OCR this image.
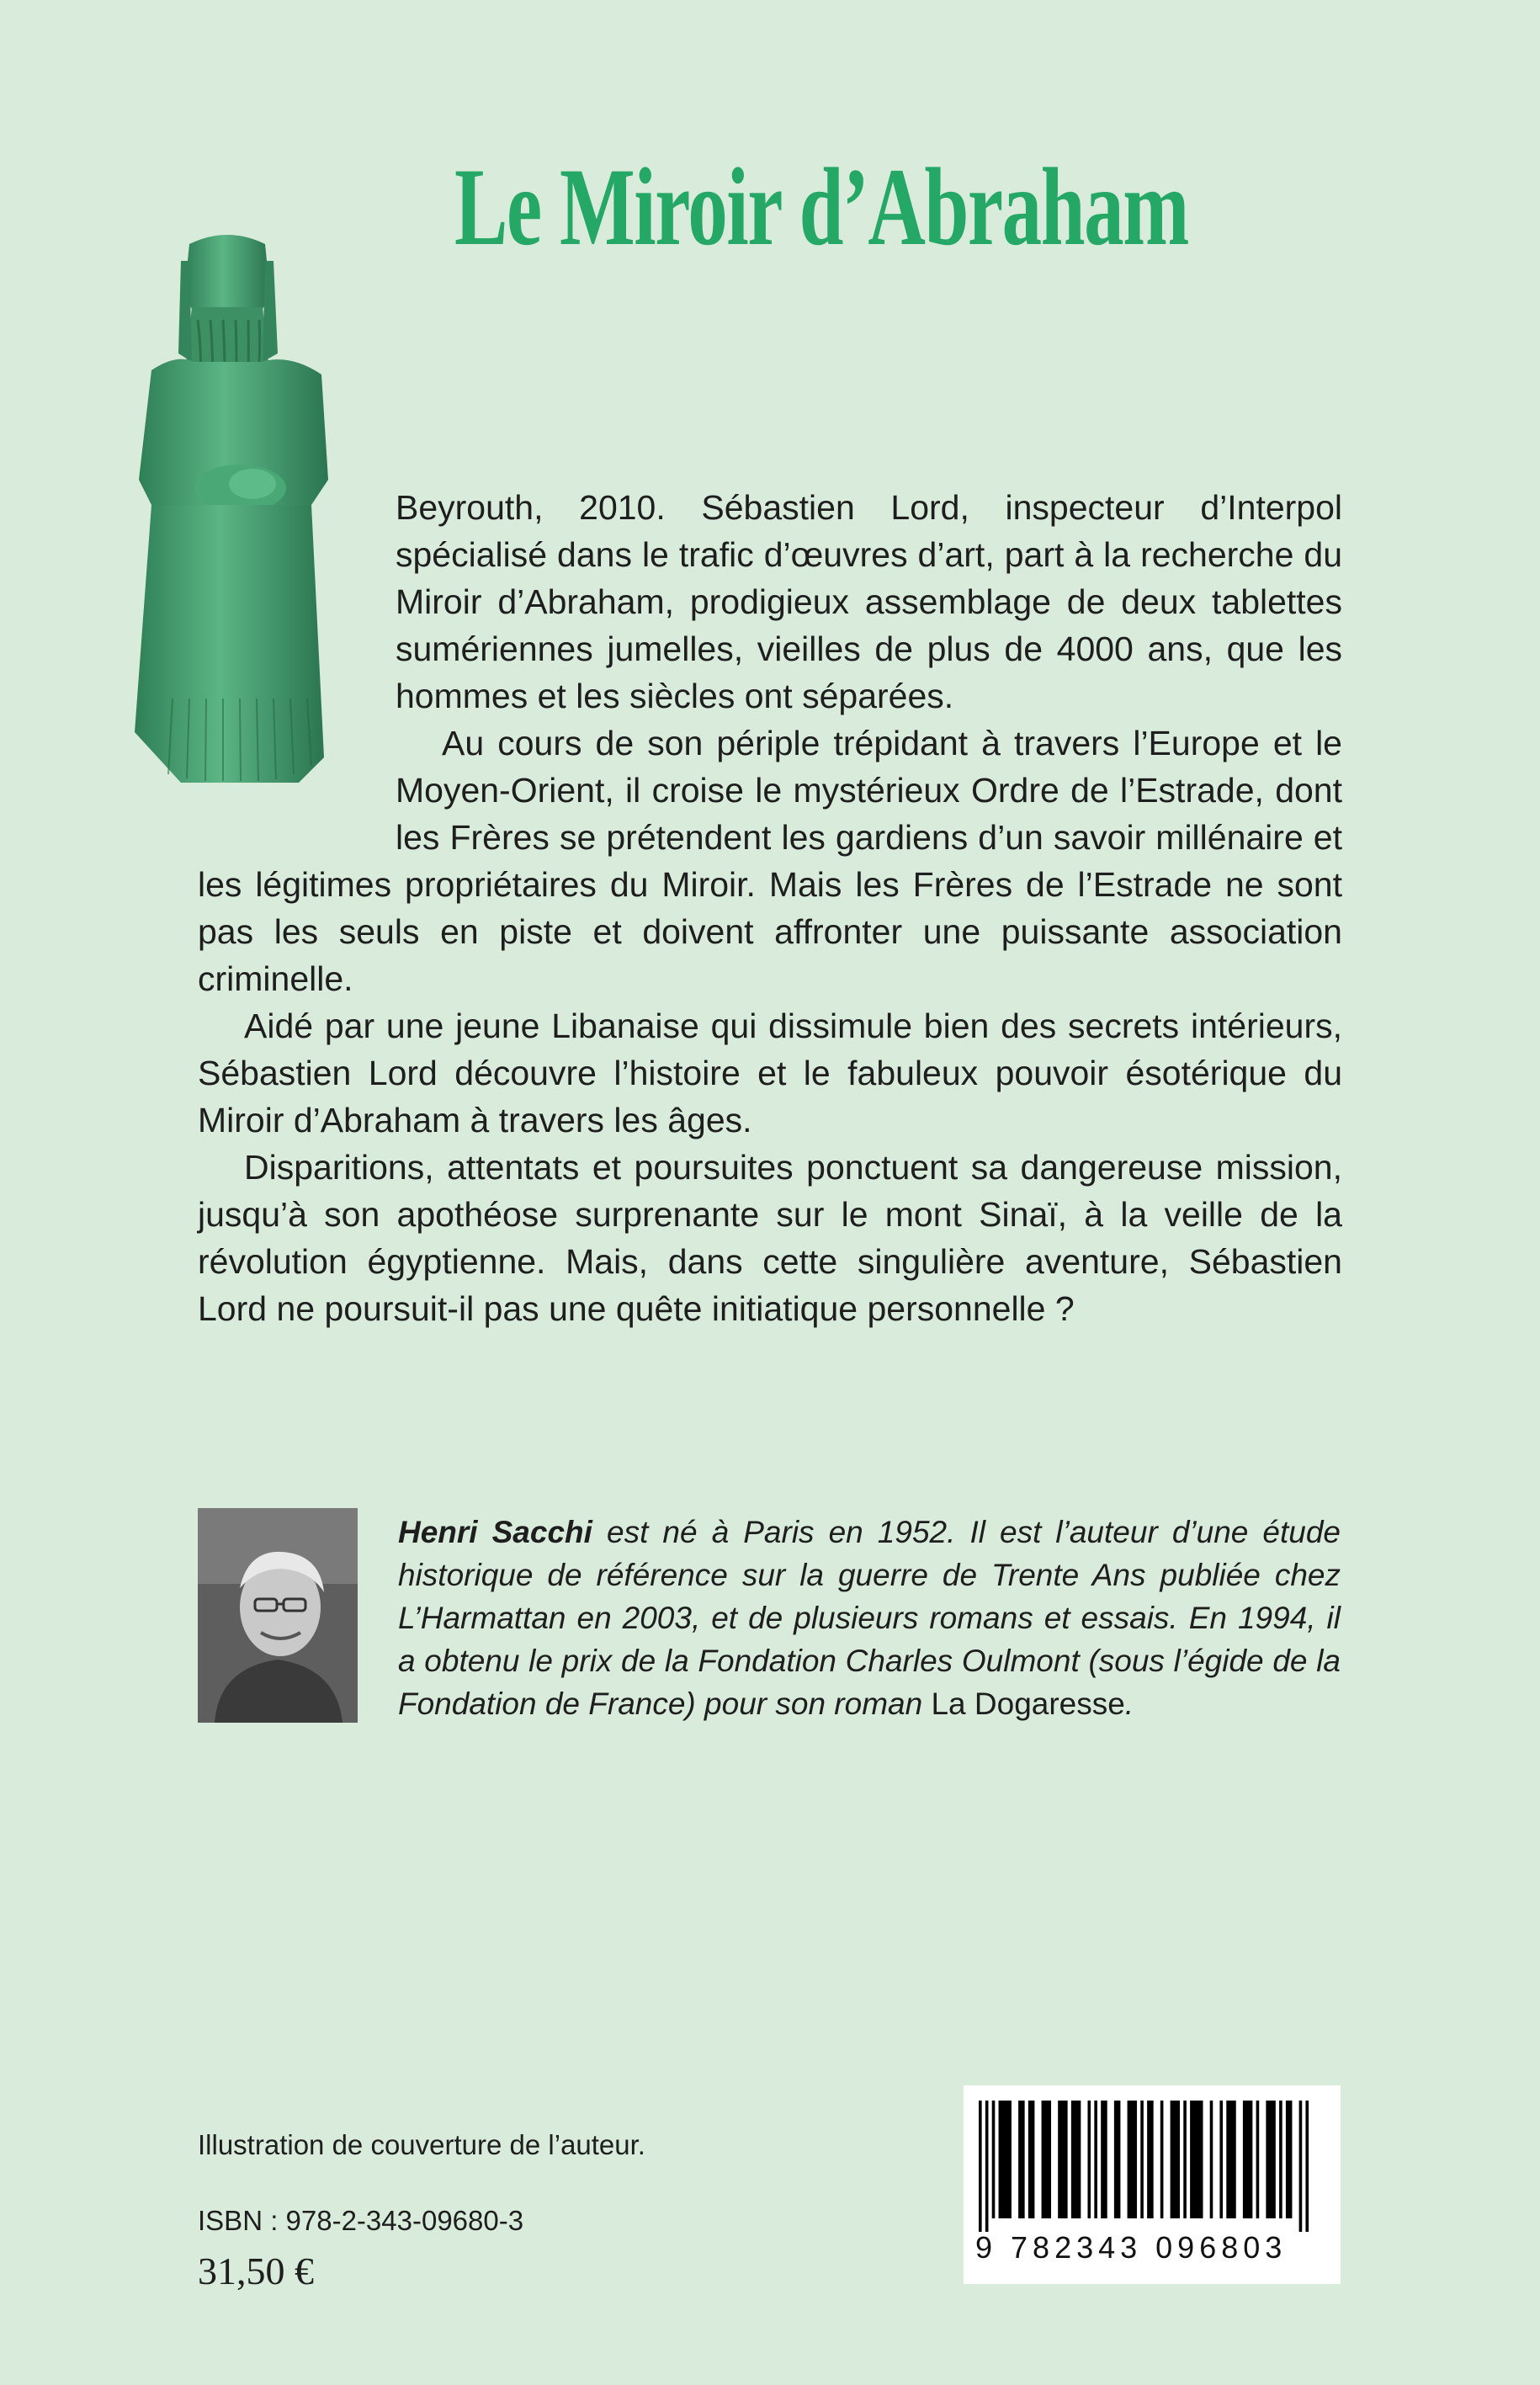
Le Miroir d’Abraham

Beyrouth, 2010. Sébastien Lord, inspecteur d’Interpol spécialisé dans le trafic d’œuvres d’art, part à la recherche du Miroir d’Abraham, prodigieux assemblage de deux tablettes sumériennes jumelles, vieilles de plus de 4000 ans, que les hommes et les siècles ont séparées.

Au cours de son périple trépidant à travers l’Europe et le Moyen-Orient, il croise le mystérieux Ordre de l’Estrade, dont les Frères se prétendent les gardiens d’un savoir millénaire et les légitimes propriétaires du Miroir. Mais les Frères de l’Estrade ne sont pas les seuls en piste et doivent affronter une puissante association criminelle.

Aidé par une jeune Libanaise qui dissimule bien des secrets intérieurs, Sébastien Lord découvre l’histoire et le fabuleux pouvoir ésotérique du Miroir d’Abraham à travers les âges.

Disparitions, attentats et poursuites ponctuent sa dangereuse mission, jusqu’à son apothéose surprenante sur le mont Sinaï, à la veille de la révolution égyptienne. Mais, dans cette singulière aventure, Sébastien Lord ne poursuit-il pas une quête initiatique personnelle ?

Henri Sacchi est né à Paris en 1952. Il est l’auteur d’une étude historique de référence sur la guerre de Trente Ans publiée chez L’Harmattan en 2003, et de plusieurs romans et essais. En 1994, il a obtenu le prix de la Fondation Charles Oulmont (sous l’égide de la Fondation de France) pour son roman La Dogaresse.
Illustration de couverture de l’auteur.
ISBN : 978-2-343-09680-3
31,50 €
9 782343 096803
